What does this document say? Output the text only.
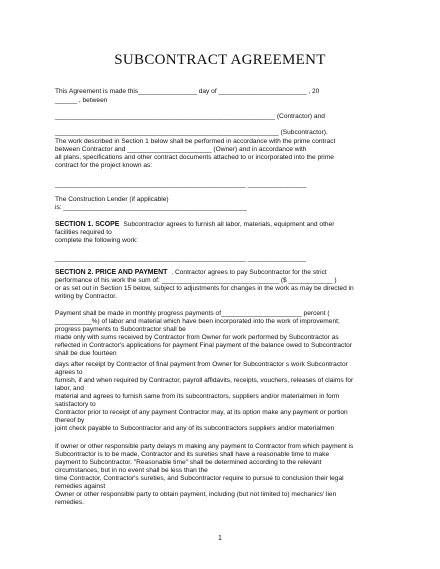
SUBCONTRACT AGREEMENT
This Agreement is made this________________ day of ________________________ , 20
______ , between
____________________________________________________________ (Contractor) and
_____________________________________________________________ (Subcontractor).
The work described in Section 1 below shall be performed in accordance with the prime contract
between Contractor and _______________________ (Owner) and in accordance with
all plans, specifications and other contract documents attached to or incorporated into the prime
contract for the project known as:
____________________________________________________ ________________
The Construction Lender (if applicable)
is: __________________________________________________
SECTION 1. SCOPE Subcontractor agrees to furnish all labor, materials, equipment and other
facilities required to
complete the following work:
____________________________________________________ ________________
SECTION 2. PRICE AND PAYMENT . Contractor agrees to pay Subcontractor for the strict
performance of his work the sum of: ________________________________ ($ ____________ )
or as set out in Section 15 below, subject to adjustments for changes in the work as may be directed in
writing by Contractor.
Payment shall be made in monthly progress payments of______________________ percent (
__________%) of labor and material which have been incorporated into the work of improvement;
progress payments to Subcontractor shall be
made only with sums received by Contractor from Owner for work performed by Subcontractor as
reflected in Contractor's applications for payment Final payment of the balance owed to Subcontractor
shall be due fourteen
days after receipt by Contractor of final payment from Owner for Subcontractor s work Subcontractor
agrees to
furnish, if and when required by Contractor, payroll affidavits, receipts, vouchers, releases of claims for
labor, and
material and agrees to furnish same from its subcontractors, suppliers and/or materialmen in form
satisfactory to
Contractor prior to receipt of any payment Contractor may, at its option make any payment or portion
thereof by
joint check payable to Subcontractor and any of its subcontractors suppliers and/or materialmen
If owner or other responsible party delays m making any payment to Contractor from which payment is
Subcontractor is to be made, Contractor and its sureties shall have a reasonable time to make
payment to Subcontractor. "Reasonable time" shall be determined according to the relevant
circumstances, but in no event shall be less than the
time Contractor, Contractor's sureties, and Subcontractor require to pursue to conclusion their legal
remedies against
Owner or other responsible party to obtain payment, including (but not limited to) mechanics' lien
remedies.
1
